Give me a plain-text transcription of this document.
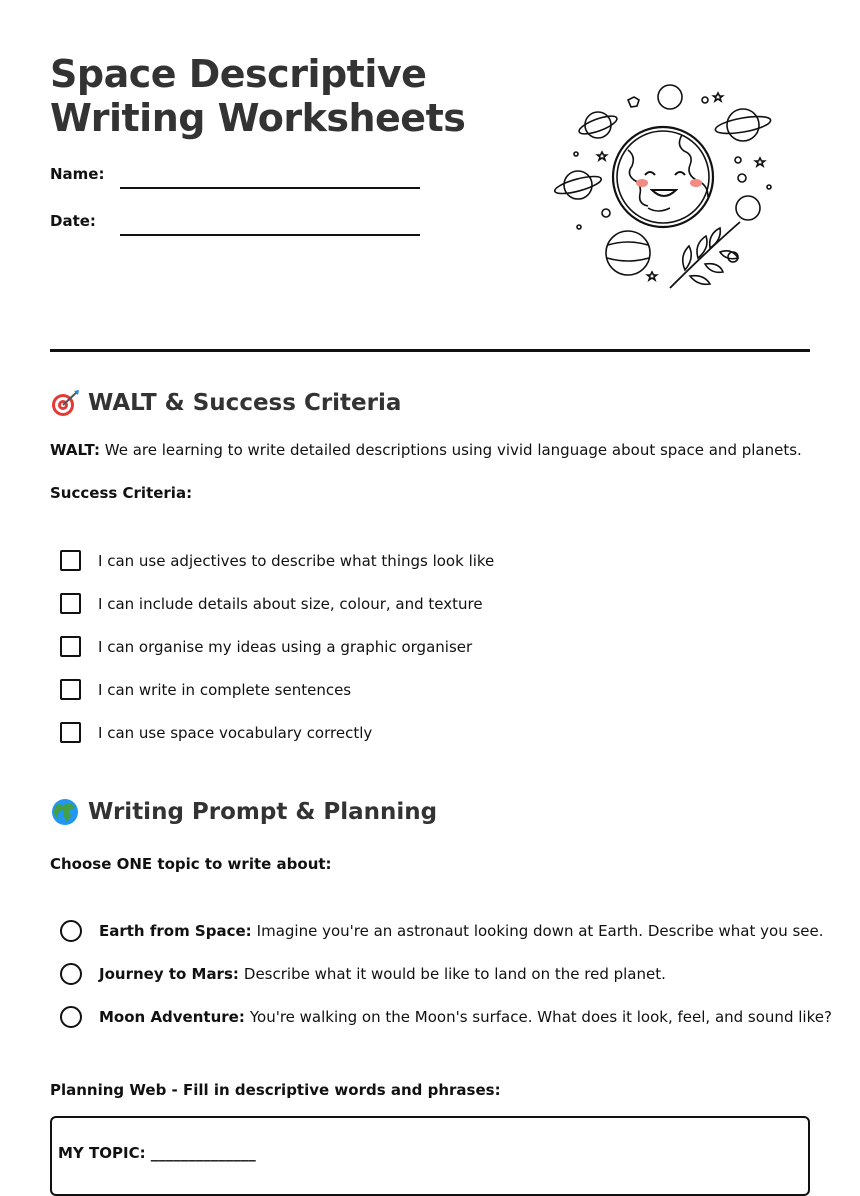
Space Descriptive
Writing Worksheets
Name:
Date:
WALT & Success Criteria
WALT: We are learning to write detailed descriptions using vivid language about space and planets.
Success Criteria:
I can use adjectives to describe what things look like
I can include details about size, colour, and texture
I can organise my ideas using a graphic organiser
I can write in complete sentences
I can use space vocabulary correctly
Writing Prompt & Planning
Choose ONE topic to write about:
Earth from Space: Imagine you're an astronaut looking down at Earth. Describe what you see.
Journey to Mars: Describe what it would be like to land on the red planet.
Moon Adventure: You're walking on the Moon's surface. What does it look, feel, and sound like?
Planning Web - Fill in descriptive words and phrases:
MY TOPIC: ______________
